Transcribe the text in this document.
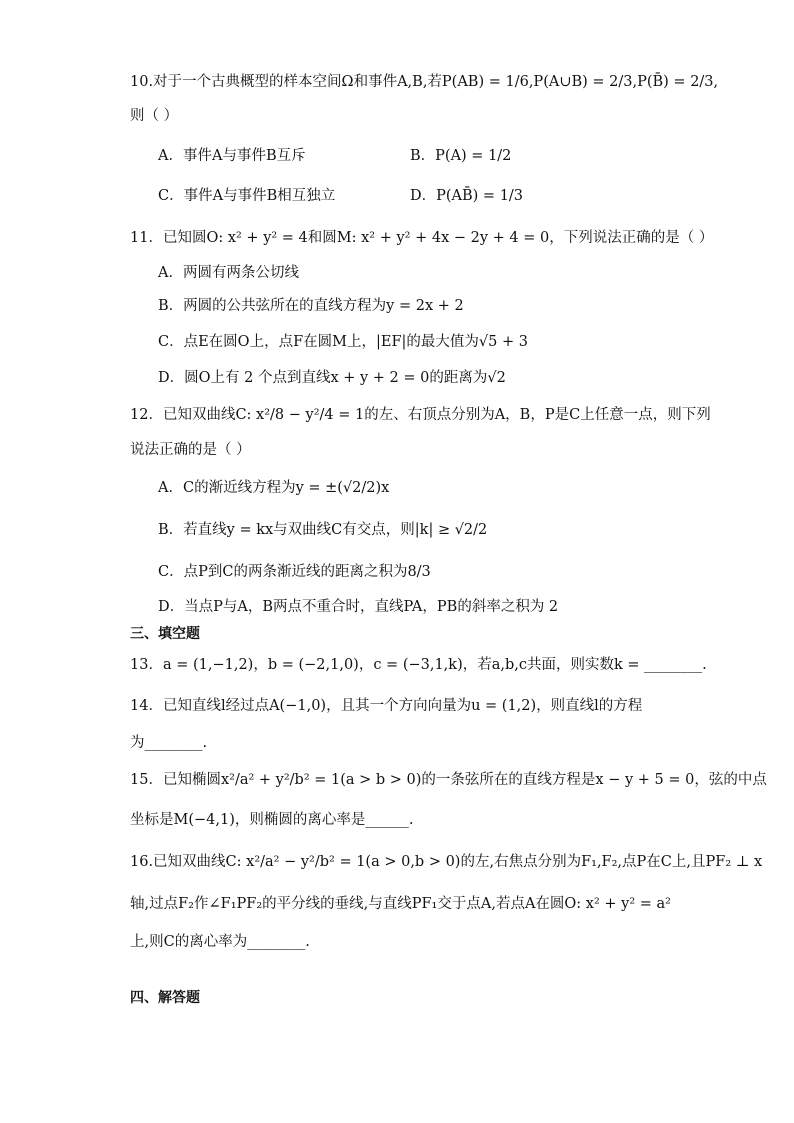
10.对于一个古典概型的样本空间Ω和事件A,B,若P(AB) = 1/6,P(A∪B) = 2/3,P(B̄) = 2/3,
则（ ）
A．事件A与事件B互斥	B．P(A) = 1/2
C．事件A与事件B相互独立	D．P(AB̄) = 1/3
11．已知圆O: x² + y² = 4和圆M: x² + y² + 4x − 2y + 4 = 0，下列说法正确的是（ ）
A．两圆有两条公切线
B．两圆的公共弦所在的直线方程为y = 2x + 2
C．点E在圆O上，点F在圆M上，|EF|的最大值为√5 + 3
D．圆O上有 2 个点到直线x + y + 2 = 0的距离为√2
12．已知双曲线C: x²/8 − y²/4 = 1的左、右顶点分别为A，B，P是C上任意一点，则下列
说法正确的是（ ）
A．C的渐近线方程为y = ±(√2/2)x
B．若直线y = kx与双曲线C有交点，则|k| ≥ √2/2
C．点P到C的两条渐近线的距离之积为8/3
D．当点P与A，B两点不重合时，直线PA，PB的斜率之积为 2
三、填空题
13．a = (1,−1,2)，b = (−2,1,0)，c = (−3,1,k)，若a,b,c共面，则实数k = ________.
14．已知直线l经过点A(−1,0)，且其一个方向向量为u = (1,2)，则直线l的方程
为________.
15．已知椭圆x²/a² + y²/b² = 1(a > b > 0)的一条弦所在的直线方程是x − y + 5 = 0，弦的中点
坐标是M(−4,1)，则椭圆的离心率是______.
16.已知双曲线C: x²/a² − y²/b² = 1(a > 0,b > 0)的左,右焦点分别为F₁,F₂,点P在C上,且PF₂ ⊥ x
轴,过点F₂作∠F₁PF₂的平分线的垂线,与直线PF₁交于点A,若点A在圆O: x² + y² = a²
上,则C的离心率为________.
四、解答题
